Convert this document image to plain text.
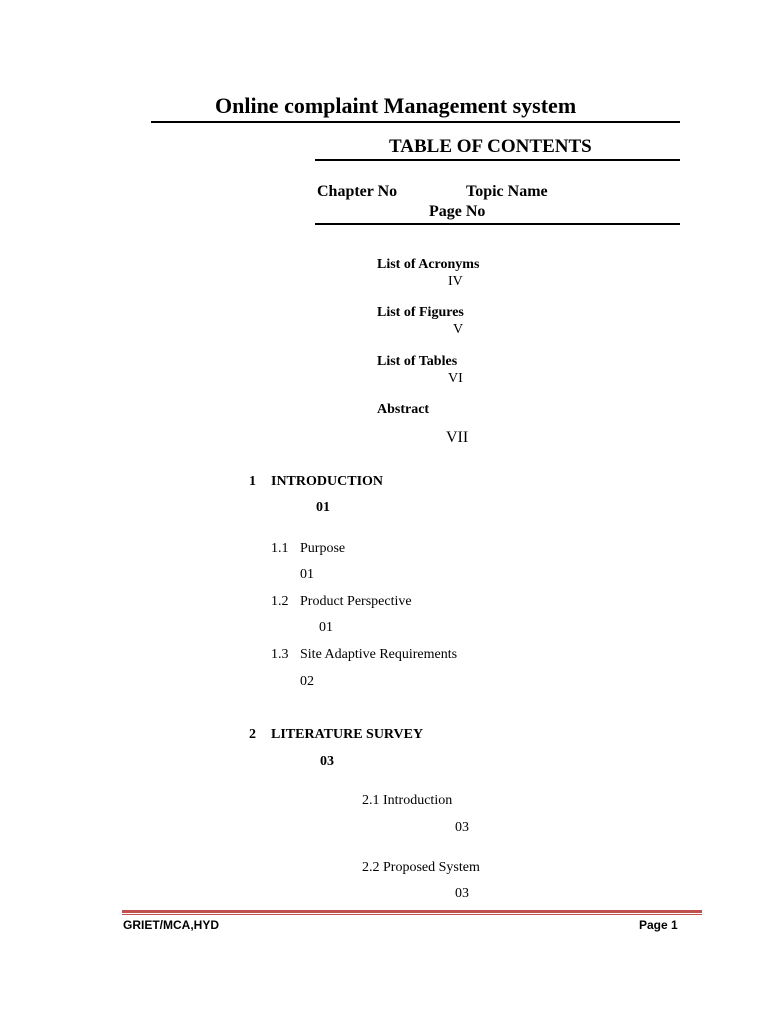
Online complaint Management system
TABLE OF CONTENTS
Chapter No	Topic Name
Page No
List of Acronyms
IV
List of Figures
V
List of Tables
VI
Abstract
VII
1 INTRODUCTION
01
1.1 Purpose
01
1.2 Product Perspective
01
1.3 Site Adaptive Requirements
02
2 LITERATURE SURVEY
03
2.1 Introduction
03
2.2 Proposed System
03
GRIET/MCA,HYD	Page 1
